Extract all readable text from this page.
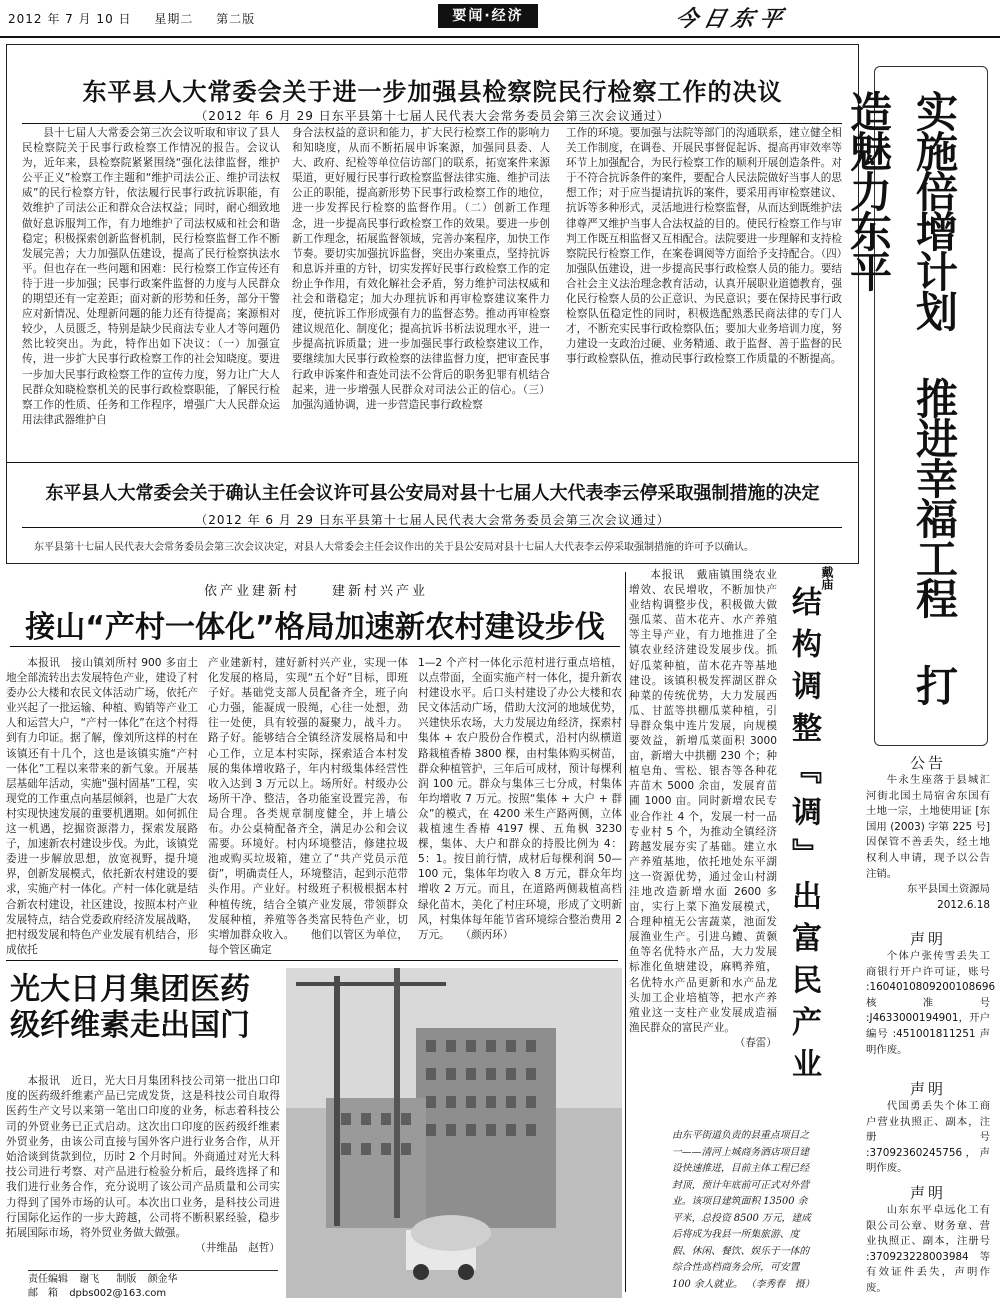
2012 年 7 月 10 日 星期二 第二版	要闻·经济	今日东平
东平县人大常委会关于进一步加强县检察院民行检察工作的决议
（2012 年 6 月 29 日东平县第十七届人民代表大会常务委员会第三次会议通过）

县十七届人大常委会第三次会议听取和审议了县人民检察院关于民事行政检察工作情况的报告。会议认为，近年来，县检察院紧紧围绕“强化法律监督，维护公平正义”检察工作主题和“维护司法公正、维护司法权威”的民行检察方针，依法履行民事行政抗诉职能，有效维护了司法公正和群众合法权益；同时，耐心细致地做好息诉服判工作，有力地维护了司法权威和社会和谐稳定；积极探索创新监督机制，民行检察监督工作不断发展完善；大力加强队伍建设，提高了民行检察执法水平。但也存在一些问题和困难：民行检察工作宣传还有待于进一步加强；民事行政案件监督的力度与人民群众的期望还有一定差距；面对新的形势和任务，部分干警应对新情况、处理新问题的能力还有待提高；案源相对较少，人员匮乏，特别是缺少民商法专业人才等问题仍然比较突出。为此，特作出如下决议：（一）加强宣传，进一步扩大民事行政检察工作的社会知晓度。要进一步加大民事行政检察工作的宣传力度，努力让广大人民群众知晓检察机关的民事行政检察职能，了解民行检察工作的性质、任务和工作程序，增强广大人民群众运用法律武器维护自

身合法权益的意识和能力，扩大民行检察工作的影响力和知晓度，从而不断拓展申诉案源，加强同县委、人大、政府、纪检等单位信访部门的联系，拓宽案件来源渠道，更好履行民事行政检察监督法律实施、维护司法公正的职能，提高新形势下民事行政检察工作的地位，进一步发挥民行检察的监督作用。（二）创新工作理念，进一步提高民事行政检察工作的效果。要进一步创新工作理念，拓展监督领域，完善办案程序，加快工作节奏。要切实加强抗诉监督，突出办案重点，坚持抗诉和息诉并重的方针，切实发挥好民事行政检察工作的定纷止争作用，有效化解社会矛盾，努力维护司法权威和社会和谐稳定；加大办理抗诉和再审检察建议案件力度，使抗诉工作形成强有力的监督态势。推动再审检察建议规范化、制度化；提高抗诉书析法说理水平，进一步提高抗诉质量；进一步加强民事行政检察建议工作，要继续加大民事行政检察的法律监督力度，把审查民事行政申诉案件和查处司法不公背后的职务犯罪有机结合起来，进一步增强人民群众对司法公正的信心。（三）加强沟通协调，进一步营造民事行政检察

工作的环境。要加强与法院等部门的沟通联系，建立健全相关工作制度，在调卷、开展民事督促起诉、提高再审效率等环节上加强配合，为民行检察工作的顺利开展创造条件。对于不符合抗诉条件的案件，要配合人民法院做好当事人的思想工作；对于应当提请抗诉的案件，要采用再审检察建议、抗诉等多种形式，灵活地进行检察监督，从而达到既维护法律尊严又维护当事人合法权益的目的。使民行检察工作与审判工作既互相监督又互相配合。法院要进一步理解和支持检察院民行检察工作，在案卷调阅等方面给予支持配合。（四）加强队伍建设，进一步提高民事行政检察人员的能力。要结合社会主义法治理念教育活动，认真开展职业道德教育，强化民行检察人员的公正意识、为民意识；要在保持民事行政检察队伍稳定性的同时，积极选配熟悉民商法律的专门人才，不断充实民事行政检察队伍；要加大业务培训力度，努力建设一支政治过硬、业务精通、敢于监督、善于监督的民事行政检察队伍，推动民事行政检察工作质量的不断提高。

东平县人大常委会关于确认主任会议许可县公安局对县十七届人大代表李云停采取强制措施的决定
（2012 年 6 月 29 日东平县第十七届人民代表大会常务委员会第三次会议通过）
东平县第十七届人民代表大会常务委员会第三次会议决定，对县人大常委会主任会议作出的关于县公安局对县十七届人大代表李云停采取强制措施的许可予以确认。	实施倍增计划 推进幸福工程 打造魅力东平
依产业建新村　　建新村兴产业
接山“产村一体化”格局加速新农村建设步伐

本报讯　接山镇刘所村 900 多亩土地全部流转出去发展特色产业，建设了村委办公大楼和农民文体活动广场，依托产业兴起了一批运输、种植、购销等产业工人和运营大户，“产村一体化”在这个村得到有力印证。据了解，像刘所这样的村在该镇还有十几个，这也是该镇实施“产村一体化”工程以来带来的新气象。开展基层基础年活动，实施“强村固基”工程，实现党的工作重点向基层倾斜，也是广大农村实现快速发展的重要机遇期。如何抓住这一机遇，挖掘资源潜力，探索发展路子，加速新农村建设步伐。为此，该镇党委进一步解放思想，放宽视野，提升境界，创新发展模式，依托新农村建设的要求，实施产村一体化。产村一体化就是结合新农村建设，社区建设，按照本村产业发展特点，结合党委政府经济发展战略，把村级发展和特色产业发展有机结合，形成依托

产业建新村，建好新村兴产业，实现一体化发展的格局，实现“五个好”目标，即班子好。基础党支部人员配备齐全，班子向心力强，能凝成一股绳，心往一处想，劲往一处使，具有较强的凝聚力，战斗力。路子好。能够结合全镇经济发展格局和中心工作，立足本村实际，探索适合本村发展的集体增收路子，年内村级集体经营性收入达到 3 万元以上。场所好。村级办公场所干净、整洁，各功能室设置完善，布局合理。各类规章制度健全，并上墙公布。办公桌椅配备齐全，满足办公和会议需要。环境好。村内环境整洁，修建拉圾池或购买垃圾箱，建立了“共产党员示范街”，明确责任人，环境整洁，起到示范带头作用。产业好。村级班子积极根据本村种植传统，结合全镇产业发展，带领群众发展种植，养殖等各类富民特色产业，切实增加群众收入。　　他们以管区为单位，每个管区确定

1—2 个产村一体化示范村进行重点培植，以点带面，全面实施产村一体化，提升新农村建设水平。后口头村建设了办公大楼和农民文体活动广场，借助大汶河的地域优势，兴建快乐农场，大力发展边角经济，探索村集体 + 农户股份合作模式，沿村内纵横道路栽植香椿 3800 棵，由村集体购买树苗，群众种植管护，三年后可成材，预计每棵利润 100 元。群众与集体三七分成，村集体年均增收 7 万元。按照“集体 + 大户 + 群众”的模式，在 4200 米生产路两侧，立体栽植速生香椿 4197 棵、五角枫 3230 棵，集体、大户和群众的持股比例为 4：5：1。按目前行情，成材后每棵利润 50—100 元，集体年均收入 8 万元，群众年均增收 2 万元。而且，在道路两侧栽植高档绿化苗木，美化了村庄环境，形成了文明新风，村集体每年能节省环境综合整治费用 2 万元。　　（颜丙环）

本报讯　戴庙镇围绕农业增效、农民增收，不断加快产业结构调整步伐，积极做大做强瓜菜、苗木花卉、水产养殖等主导产业，有力地推进了全镇农业经济建设发展步伐。抓好瓜菜种植，苗木花卉等基地建设。该镇积极发挥湖区群众种菜的传统优势，大力发展西瓜、甘蓝等拱棚瓜菜种植，引导群众集中连片发展，向规模要效益，新增瓜菜面积 3000 亩，新增大中拱棚 230 个；种植皂角、雪松、银杏等各种花卉苗木 5000 余亩，发展育苗圃 1000 亩。同时新增农民专业合作社 4 个，发展一村一品专业村 5 个，为推动全镇经济跨越发展夯实了基础。建立水产养殖基地，依托地处东平湖这一资源优势，通过金山村湖洼地改造新增水面 2600 多亩，实行上菜下渔发展模式，合理种植无公害蔬菜，池面发展渔业生产。引进乌鳢、黄颡鱼等名优特水产品，大力发展标准化鱼塘建设，麻鸭养殖，名优特水产品更新和水产品龙头加工企业培植等，把水产养殖业这一支柱产业发展成造福渔民群众的富民产业。

（春雷）

戴庙
结构调整『调』出富民产业	公告

牛永生座落于县城汇河街北国土局宿舍东国有土地一宗，土地使用证 [东国用 (2003) 字第 225 号] 因保管不善丢失，经土地权利人申请，现予以公告注销。

东平县国土资源局
2012.6.18
声明

个体户张传雪丢失工商银行开户许可证，账号 :1604010809200108696 核准号 :J4633000194901，开户编号 :451001811251 声明作废。

声明

代国勇丢失个体工商户营业执照正、副本，注册号 :37092360245756，声明作废。

声明

山东东平卓远化工有限公司公章、财务章、营业执照正、副本，注册号 :370923228003984 等有效证件丢失，声明作废。

光大日月集团医药
级纤维素走出国门

本报讯　近日，光大日月集团科技公司第一批出口印度的医药级纤维素产品已完成发货，这是科技公司自取得医药生产文号以来第一笔出口印度的业务，标志着科技公司的外贸业务已正式启动。这次出口印度的医药级纤维素外贸业务，由该公司直接与国外客户进行业务合作，从开始洽谈到货款到位，历时 2 个月时间。外商通过对光大科技公司进行考察、对产品进行检验分析后，最终选择了和我们进行业务合作，充分说明了该公司产品质量和公司实力得到了国外市场的认可。本次出口业务，是科技公司进行国际化运作的一步大跨越，公司将不断积累经验，稳步拓展国际市场，将外贸业务做大做强。

（井维晶　赵哲）

由东平街道负责的县重点项目之一——清河上城商务酒店项目建设快速推进，目前主体工程已经封顶，预计年底前可正式对外营业。该项目建筑面积 13500 余平米，总投资 8500 万元，建成后将成为我县一所集旅游、度假、休闲、餐饮、娱乐于一体的综合性高档商务会所，可安置 100 余人就业。 （李秀春　摄）
责任编辑 谢飞 制版 颜金华
邮　箱 dpbs002@163.com
